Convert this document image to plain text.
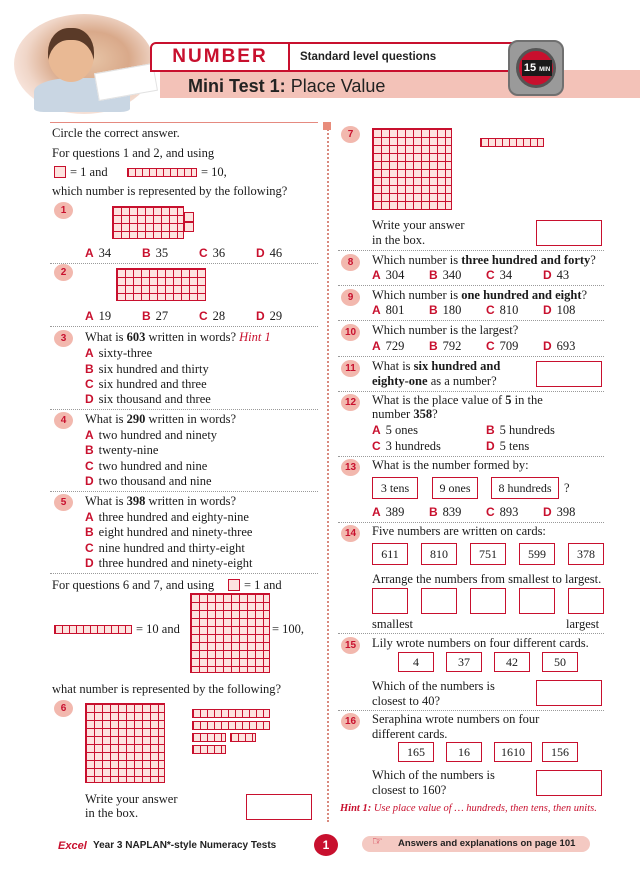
NUMBER	Standard level questions
Mini Test 1: Place Value
15 MIN
Circle the correct answer.
For questions 1 and 2, and using
= 1 and	= 10,
which number is represented by the following?
1
A 34	B 35	C 36	D 46
2
A 19	B 27	C 28	D 29
3	What is 603 written in words? Hint 1
A sixty-three
B six hundred and thirty
C six hundred and three
D six thousand and three
4	What is 290 written in words?
A two hundred and ninety
B twenty-nine
C two hundred and nine
D two thousand and nine
5	What is 398 written in words?
A three hundred and eighty-nine
B eight hundred and ninety-three
C nine hundred and thirty-eight
D three hundred and ninety-eight
For questions 6 and 7, and using = 1 and
= 10 and	= 100,
what number is represented by the following?
6
Write your answer
in the box.
7
Write your answer
in the box.
8	Which number is three hundred and forty?
A 304 B 340 C 34	D 43
9	Which number is one hundred and eight?
A 801 B 180 C 810 D 108
10	Which number is the largest?
A 729 B 792 C 709 D 693
11	What is six hundred and
eighty-one as a number?
12	What is the place value of 5 in the
number 358?
A 5 ones	B 5 hundreds
C 3 hundreds	D 5 tens
13	What is the number formed by:
3 tens	9 ones	8 hundreds	?
A 389 B 839 C 893 D 398
14	Five numbers are written on cards:
611	810	751	599	378
Arrange the numbers from smallest to largest.
smallest	largest
15	Lily wrote numbers on four different cards.
4	37	42	50
Which of the numbers is
closest to 40?
16	Seraphina wrote numbers on four
different cards.
165	16	1610	156
Which of the numbers is
closest to 160?
Hint 1: Use place value of … hundreds, then tens, then units.
Excel Year 3 NAPLAN*-style Numeracy Tests	1	Answers and explanations on page 101
☞
